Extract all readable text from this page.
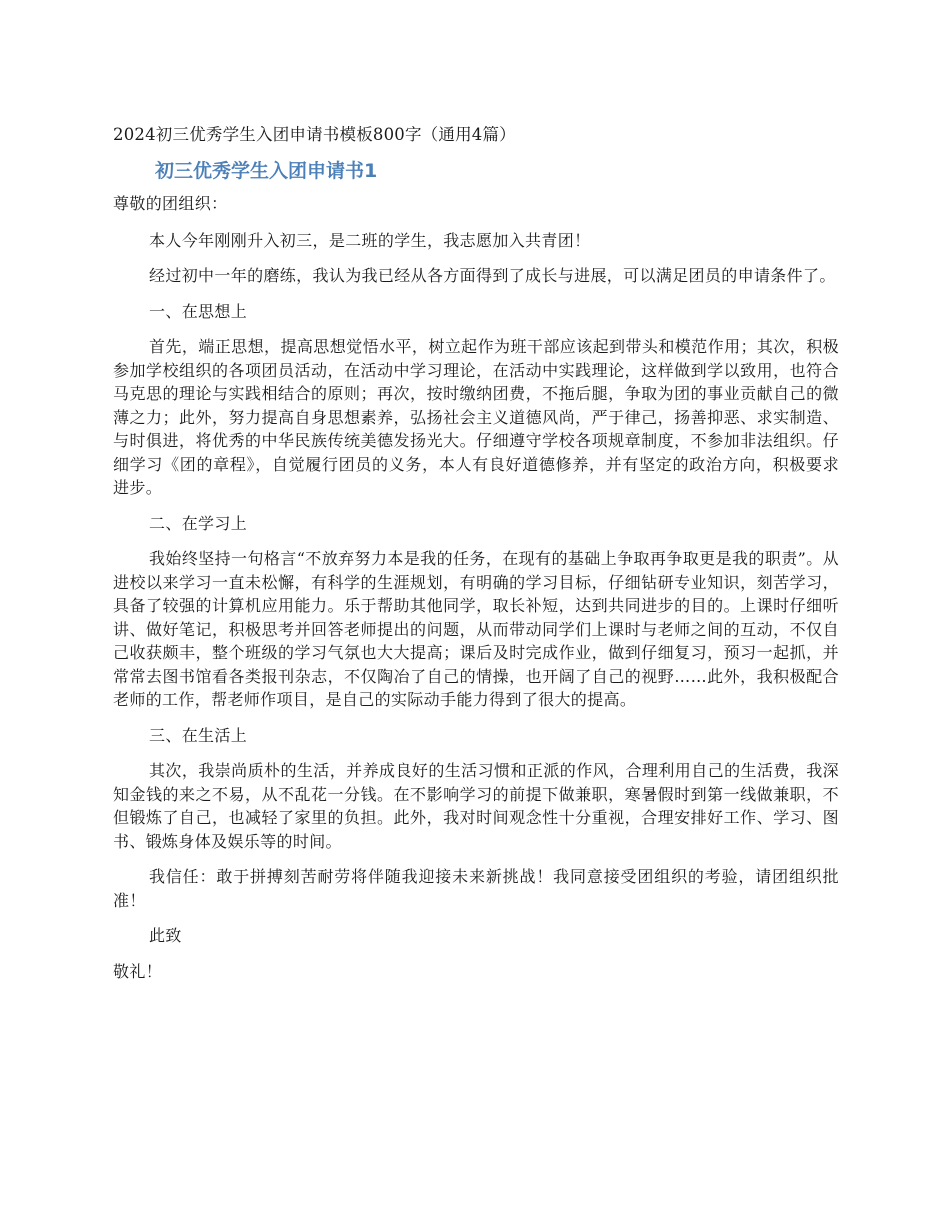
2024初三优秀学生入团申请书模板800字（通用4篇）
初三优秀学生入团申请书1

尊敬的团组织：

本人今年刚刚升入初三，是二班的学生，我志愿加入共青团！

经过初中一年的磨练，我认为我已经从各方面得到了成长与进展，可以满足团员的申请条件了。

一、在思想上

首先，端正思想，提高思想觉悟水平，树立起作为班干部应该起到带头和模范作用；其次，积极参加学校组织的各项团员活动，在活动中学习理论，在活动中实践理论，这样做到学以致用，也符合马克思的理论与实践相结合的原则；再次，按时缴纳团费，不拖后腿，争取为团的事业贡献自己的微薄之力；此外，努力提高自身思想素养，弘扬社会主义道德风尚，严于律己，扬善抑恶、求实制造、与时俱进，将优秀的中华民族传统美德发扬光大。仔细遵守学校各项规章制度，不参加非法组织。仔细学习《团的章程》，自觉履行团员的义务，本人有良好道德修养，并有坚定的政治方向，积极要求进步。

二、在学习上

我始终坚持一句格言“不放弃努力本是我的任务，在现有的基础上争取再争取更是我的职责”。从进校以来学习一直未松懈，有科学的生涯规划，有明确的学习目标，仔细钻研专业知识，刻苦学习，具备了较强的计算机应用能力。乐于帮助其他同学，取长补短，达到共同进步的目的。上课时仔细听讲、做好笔记，积极思考并回答老师提出的问题，从而带动同学们上课时与老师之间的互动，不仅自己收获颇丰，整个班级的学习气氛也大大提高；课后及时完成作业，做到仔细复习，预习一起抓，并常常去图书馆看各类报刊杂志，不仅陶冶了自己的情操，也开阔了自己的视野……此外，我积极配合老师的工作，帮老师作项目，是自己的实际动手能力得到了很大的提高。

三、在生活上

其次，我崇尚质朴的生活，并养成良好的生活习惯和正派的作风，合理利用自己的生活费，我深知金钱的来之不易，从不乱花一分钱。在不影响学习的前提下做兼职，寒暑假时到第一线做兼职，不但锻炼了自己，也减轻了家里的负担。此外，我对时间观念性十分重视，合理安排好工作、学习、图书、锻炼身体及娱乐等的时间。

我信任：敢于拼搏刻苦耐劳将伴随我迎接未来新挑战！我同意接受团组织的考验，请团组织批准！

此致

敬礼！
